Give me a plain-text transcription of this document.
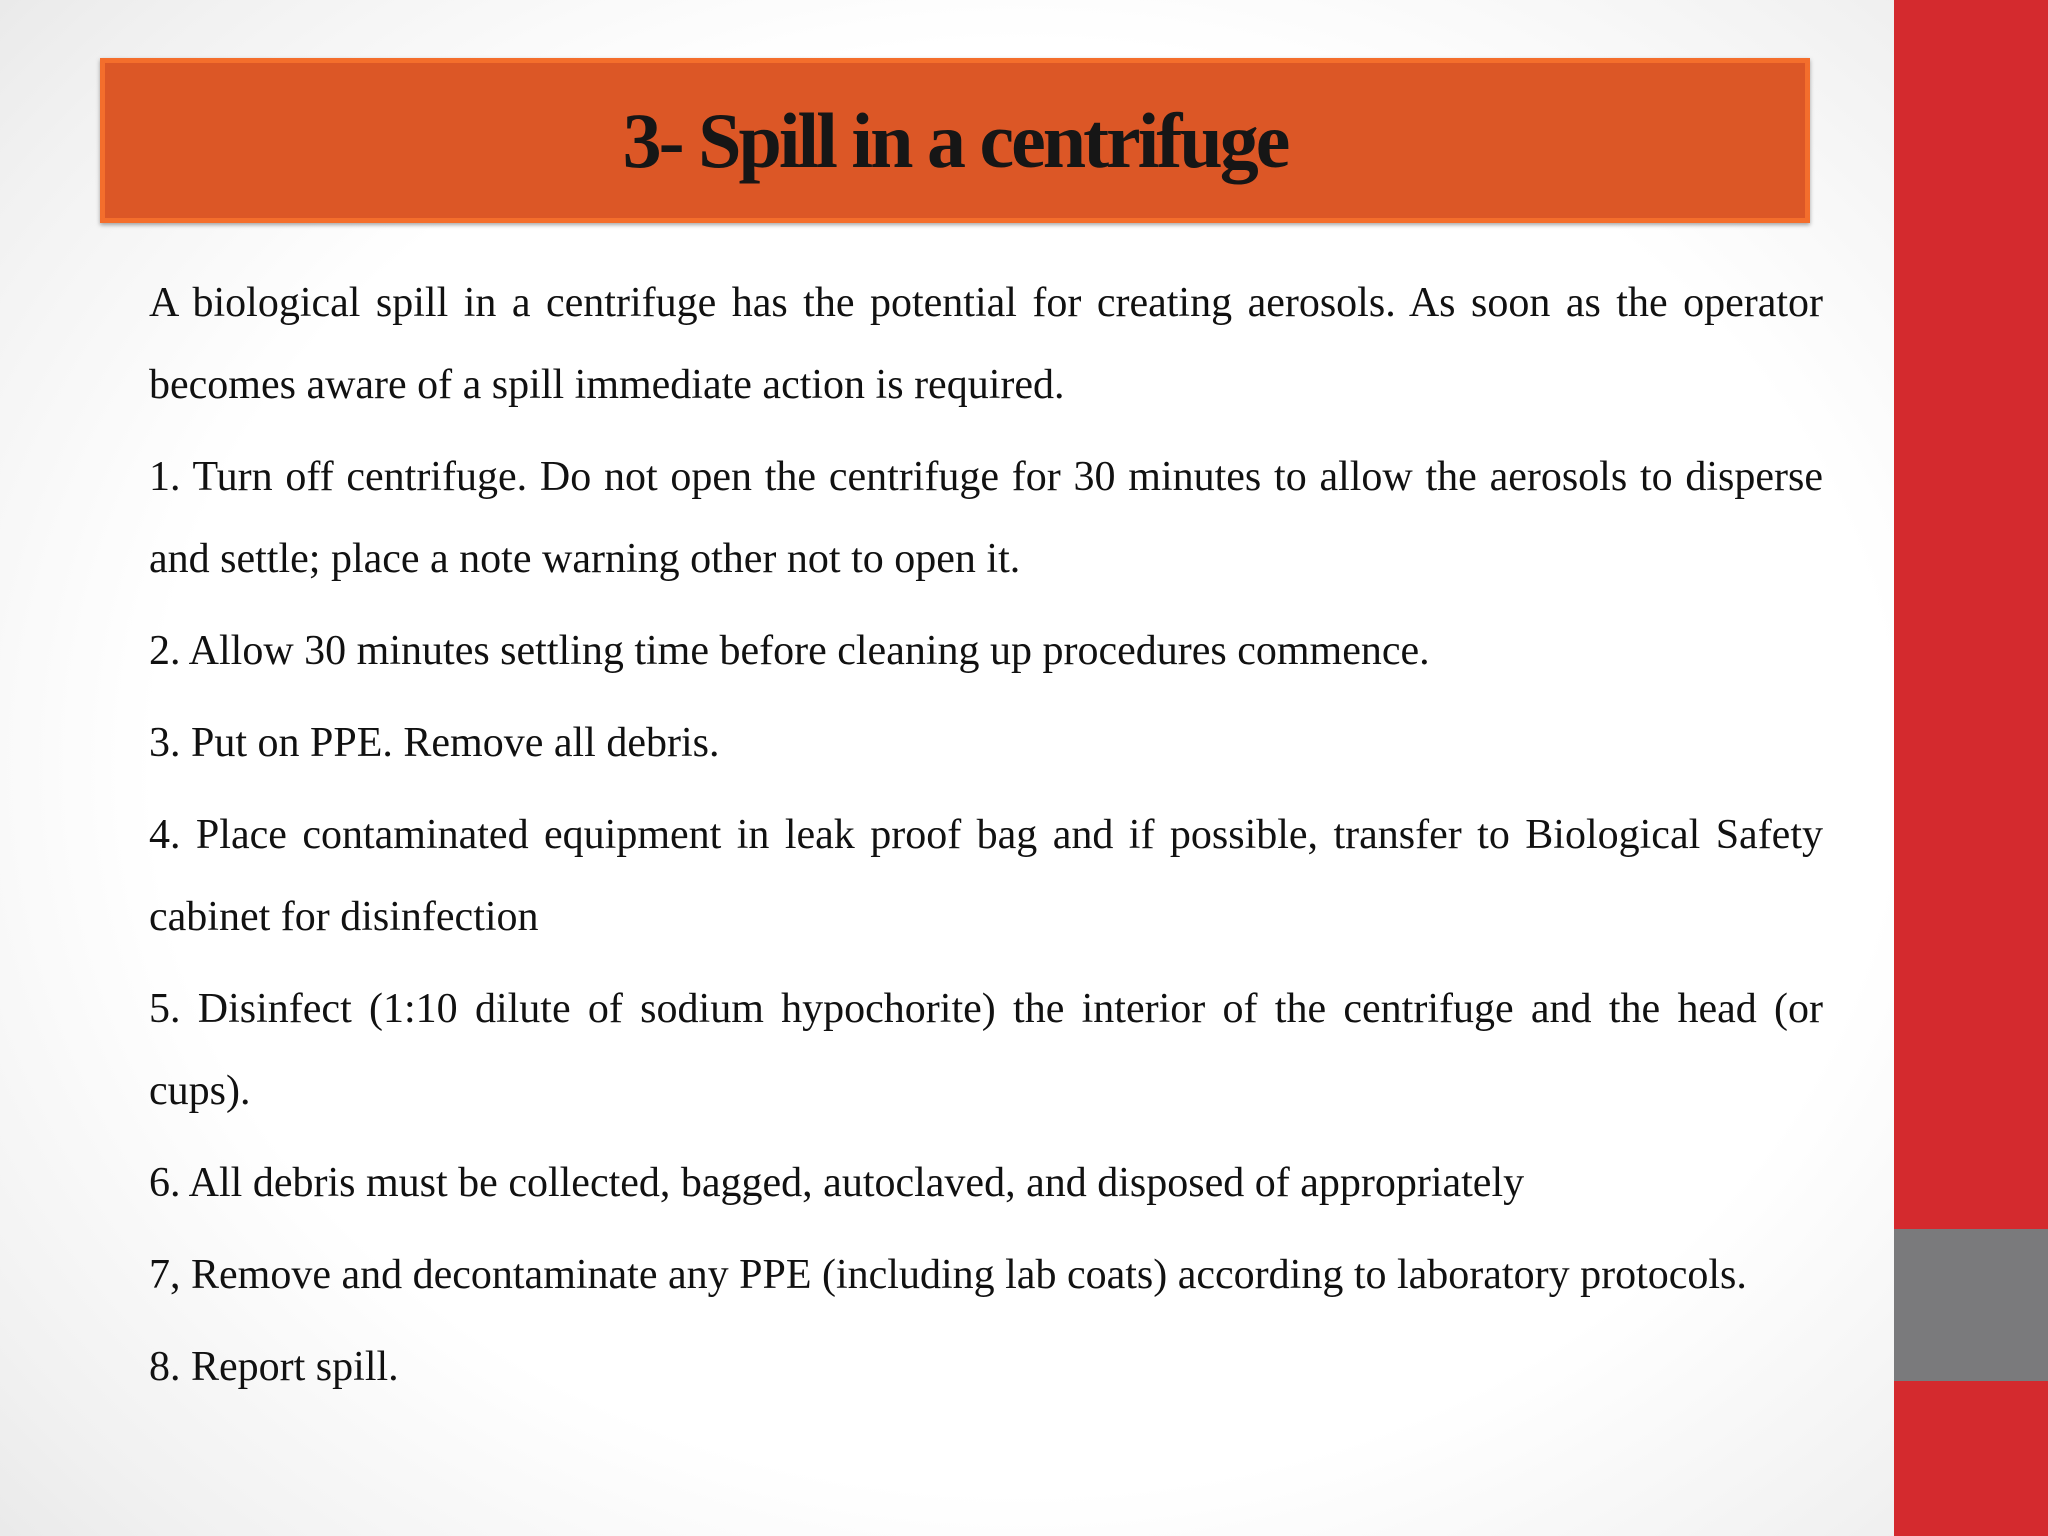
3- Spill in a centrifuge

A biological spill in a centrifuge has the potential for creating aerosols. As soon as the operator becomes aware of a spill immediate action is required.

1. Turn off centrifuge. Do not open the centrifuge for 30 minutes to allow the aerosols to disperse and settle; place a note warning other not to open it.

2. Allow 30 minutes settling time before cleaning up procedures commence.

3. Put on PPE. Remove all debris.

4. Place contaminated equipment in leak proof bag and if possible, transfer to Biological Safety cabinet for disinfection

5. Disinfect (1:10 dilute of sodium hypochorite) the interior of the centrifuge and the head (or cups).

6. All debris must be collected, bagged, autoclaved, and disposed of appropriately

7, Remove and decontaminate any PPE (including lab coats) according to laboratory protocols.

8. Report spill.
